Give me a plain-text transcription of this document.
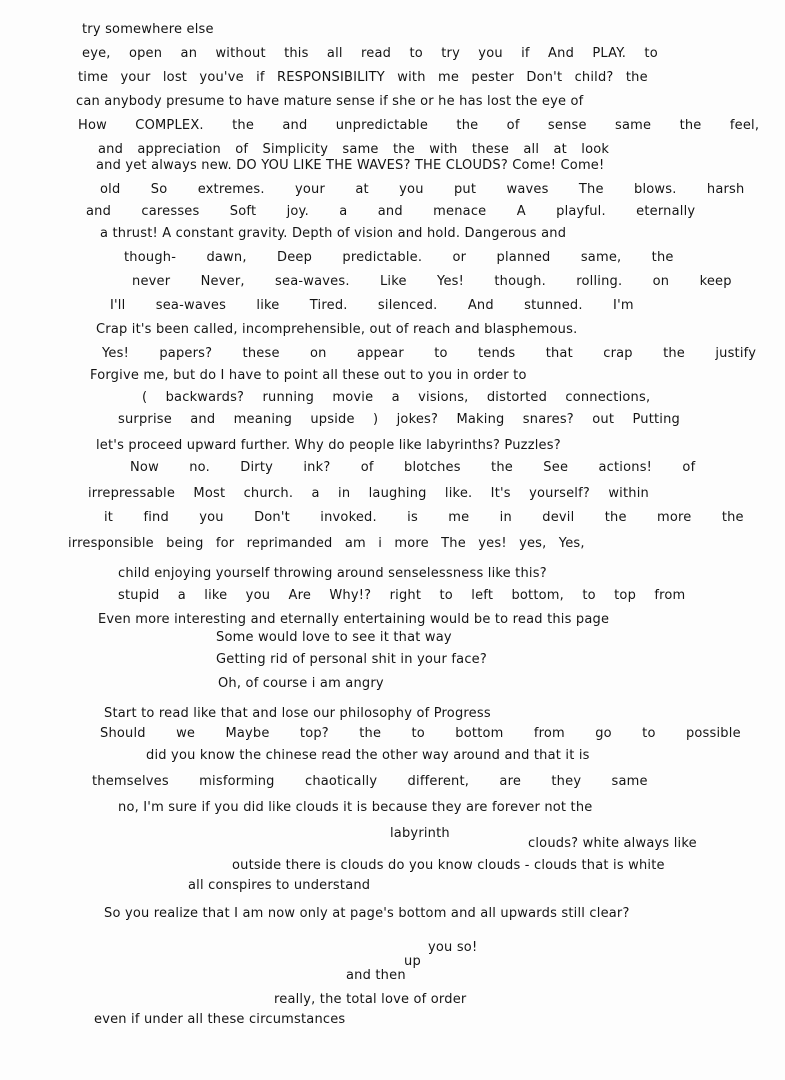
try somewhere else

eye, open an without this all read to try you if And PLAY. to

time your lost you've if RESPONSIBILITY with me pester Don't child? the

can anybody presume to have mature sense if she or he has lost the eye of

How COMPLEX. the and unpredictable the of sense same the feel,

and appreciation of Simplicity same the with these all at look

and yet always new. DO YOU LIKE THE WAVES? THE CLOUDS? Come! Come!

old So extremes. your at you put waves The blows. harsh

and caresses Soft joy. a and menace A playful. eternally

a thrust! A constant gravity. Depth of vision and hold. Dangerous and

though- dawn, Deep predictable. or planned same, the

never Never, sea-waves. Like Yes! though. rolling. on keep

I'll sea-waves like Tired. silenced. And stunned. I'm

Crap it's been called, incomprehensible, out of reach and blasphemous.

Yes! papers? these on appear to tends that crap the justify

Forgive me, but do I have to point all these out to you in order to

( backwards? running movie a visions, distorted connections,

surprise and meaning upside ) jokes? Making snares? out Putting

let's proceed upward further. Why do people like labyrinths? Puzzles?

Now no. Dirty ink? of blotches the See actions! of

irrepressable Most church. a in laughing like. It's yourself? within

it find you Don't invoked. is me in devil the more the

irresponsible being for reprimanded am i more The yes! yes, Yes,

child enjoying yourself throwing around senselessness like this?

stupid a like you Are Why!? right to left bottom, to top from

Even more interesting and eternally entertaining would be to read this page

Some would love to see it that way

Getting rid of personal shit in your face?

Oh, of course i am angry

Start to read like that and lose our philosophy of Progress

Should we Maybe top? the to bottom from go to possible

did you know the chinese read the other way around and that it is

themselves misforming chaotically different, are they same

no, I'm sure if you did like clouds it is because they are forever not the

labyrinth

clouds? white always like

outside there is clouds do you know clouds - clouds that is white

all conspires to understand

So you realize that I am now only at page's bottom and all upwards still clear?

you so!

up

and then

really, the total love of order

even if under all these circumstances
